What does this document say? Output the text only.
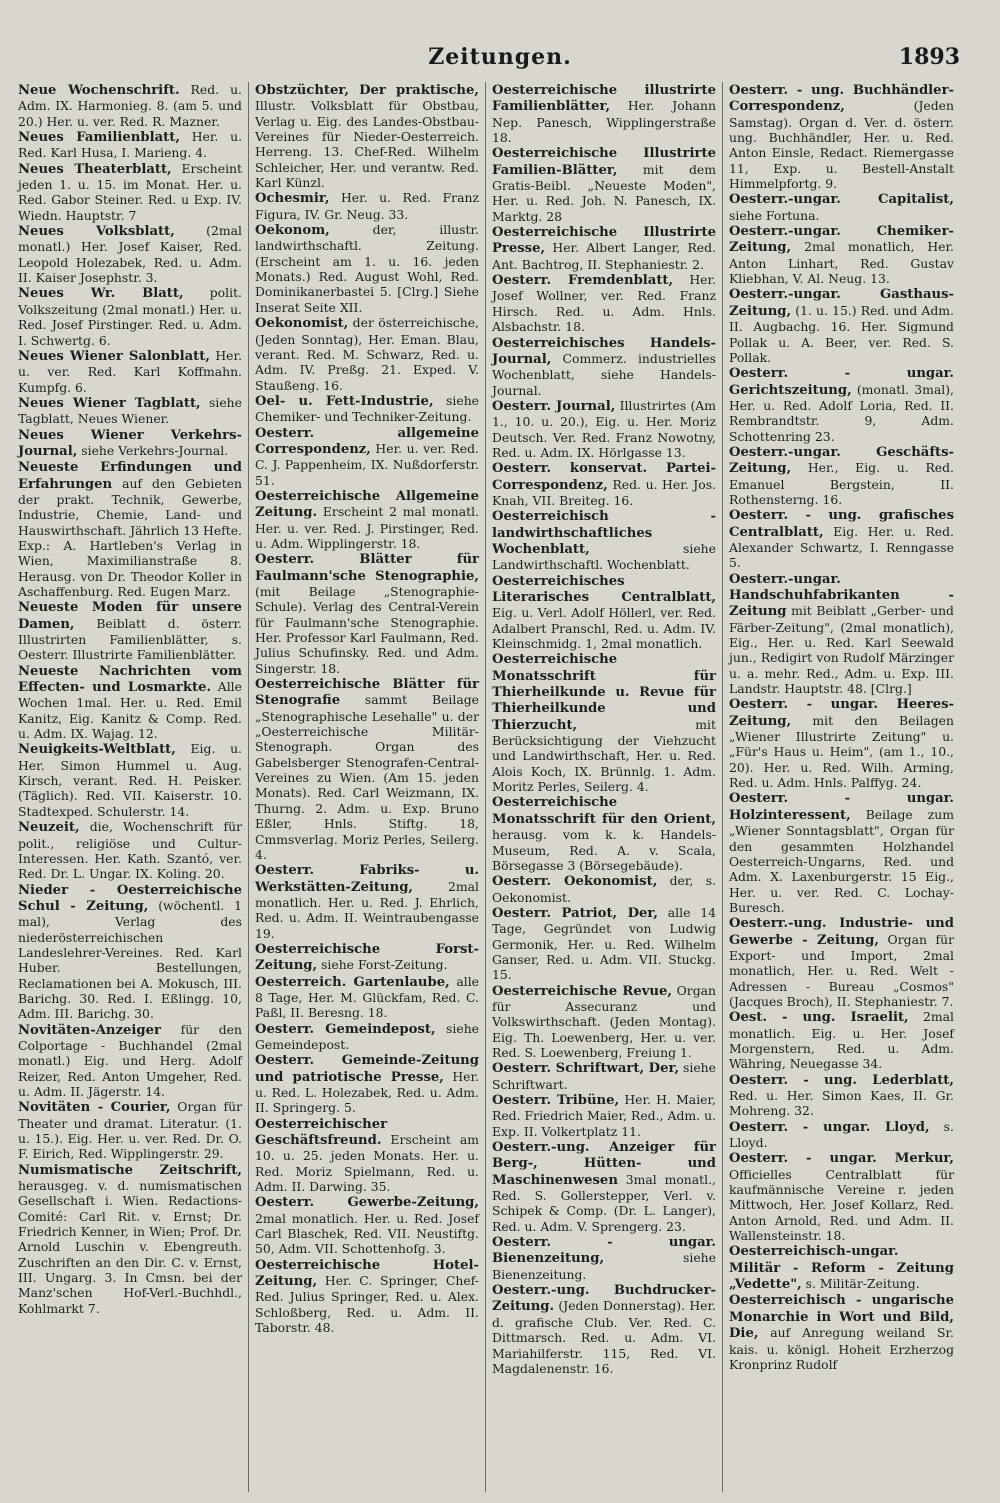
Zeitungen.	1893

Neue Wochenschrift. Red. u. Adm. IX. Harmonieg. 8. (am 5. und 20.) Her. u. ver. Red. R. Mazner.

Neues Familienblatt, Her. u. Red. Karl Husa, I. Marieng. 4.

Neues Theaterblatt, Erscheint jeden 1. u. 15. im Monat. Her. u. Red. Gabor Steiner. Red. u Exp. IV. Wiedn. Hauptstr. 7

Neues Volksblatt, (2mal monatl.) Her. Josef Kaiser, Red. Leopold Holezabek, Red. u. Adm. II. Kaiser Josephstr. 3.

Neues Wr. Blatt, polit. Volkszeitung (2mal monatl.) Her. u. Red. Josef Pirstinger. Red. u. Adm. I. Schwertg. 6.

Neues Wiener Salonblatt, Her. u. ver. Red. Karl Koffmahn. Kumpfg. 6.

Neues Wiener Tagblatt, siehe Tagblatt, Neues Wiener.

Neues Wiener Verkehrs-Journal, siehe Verkehrs-Journal.

Neueste Erfindungen und Erfahrungen auf den Gebieten der prakt. Technik, Gewerbe, Industrie, Chemie, Land- und Hauswirthschaft. Jährlich 13 Hefte. Exp.: A. Hartleben's Verlag in Wien, Maximilianstraße 8. Herausg. von Dr. Theodor Koller in Aschaffenburg. Red. Eugen Marz.

Neueste Moden für unsere Damen, Beiblatt d. österr. Illustrirten Familienblätter, s. Oesterr. Illustrirte Familienblätter.

Neueste Nachrichten vom Effecten- und Losmarkte. Alle Wochen 1mal. Her. u. Red. Emil Kanitz, Eig. Kanitz & Comp. Red. u. Adm. IX. Wajag. 12.

Neuigkeits-Weltblatt, Eig. u. Her. Simon Hummel u. Aug. Kirsch, verant. Red. H. Peisker. (Täglich). Red. VII. Kaiserstr. 10. Stadtexped. Schulerstr. 14.

Neuzeit, die, Wochenschrift für polit., religiöse und Cultur-Interessen. Her. Kath. Szantó, ver. Red. Dr. L. Ungar. IX. Koling. 20.

Nieder - Oesterreichische Schul - Zeitung, (wöchentl. 1 mal), Verlag des niederösterreichischen Landeslehrer-Vereines. Red. Karl Huber. Bestellungen, Reclamationen bei A. Mokusch, III. Barichg. 30. Red. I. Eßlingg. 10, Adm. III. Barichg. 30.

Novitäten-Anzeiger für den Colportage - Buchhandel (2mal monatl.) Eig. und Herg. Adolf Reizer, Red. Anton Umgeher, Red. u. Adm. II. Jägerstr. 14.

Novitäten - Courier, Organ für Theater und dramat. Literatur. (1. u. 15.). Eig. Her. u. ver. Red. Dr. O. F. Eirich, Red. Wipplingerstr. 29.

Numismatische Zeitschrift, herausgeg. v. d. numismatischen Gesellschaft i. Wien. Redactions-Comité: Carl Rit. v. Ernst; Dr. Friedrich Kenner, in Wien; Prof. Dr. Arnold Luschin v. Ebengreuth. Zuschriften an den Dir. C. v. Ernst, III. Ungarg. 3. In Cmsn. bei der Manz'schen Hof-Verl.-Buchhdl., Kohlmarkt 7.

Obstzüchter, Der praktische, Illustr. Volksblatt für Obstbau, Verlag u. Eig. des Landes-Obstbau-Vereines für Nieder-Oesterreich. Herreng. 13. Chef-Red. Wilhelm Schleicher, Her. und verantw. Red. Karl Künzl.

Ochesmir, Her. u. Red. Franz Figura, IV. Gr. Neug. 33.

Oekonom, der, illustr. landwirthschaftl. Zeitung. (Erscheint am 1. u. 16. jeden Monats.) Red. August Wohl, Red. Dominikanerbastei 5. [Clrg.] Siehe Inserat Seite XII.

Oekonomist, der österreichische, (Jeden Sonntag), Her. Eman. Blau, verant. Red. M. Schwarz, Red. u. Adm. IV. Preßg. 21. Exped. V. Staußeng. 16.

Oel- u. Fett-Industrie, siehe Chemiker- und Techniker-Zeitung.

Oesterr. allgemeine Correspondenz, Her. u. ver. Red. C. J. Pappenheim, IX. Nußdorferstr. 51.

Oesterreichische Allgemeine Zeitung. Erscheint 2 mal monatl. Her. u. ver. Red. J. Pirstinger, Red. u. Adm. Wipplingerstr. 18.

Oesterr. Blätter für Faulmann'sche Stenographie, (mit Beilage „Stenographie-Schule). Verlag des Central-Verein für Faulmann'sche Stenographie. Her. Professor Karl Faulmann, Red. Julius Schufinsky. Red. und Adm. Singerstr. 18.

Oesterreichische Blätter für Stenografie sammt Beilage „Stenographische Lesehalle" u. der „Oesterreichische Militär-Stenograph. Organ des Gabelsberger Stenografen-Central-Vereines zu Wien. (Am 15. jeden Monats). Red. Carl Weizmann, IX. Thurng. 2. Adm. u. Exp. Bruno Eßler, Hnls. Stiftg. 18, Cmmsverlag. Moriz Perles, Seilerg. 4.

Oesterr. Fabriks- u. Werkstätten-Zeitung, 2mal monatlich. Her. u. Red. J. Ehrlich, Red. u. Adm. II. Weintraubengasse 19.

Oesterreichische Forst-Zeitung, siehe Forst-Zeitung.

Oesterreich. Gartenlaube, alle 8 Tage, Her. M. Glückfam, Red. C. Paßl, II. Beresng. 18.

Oesterr. Gemeindepost, siehe Gemeindepost.

Oesterr. Gemeinde-Zeitung und patriotische Presse, Her. u. Red. L. Holezabek, Red. u. Adm. II. Springerg. 5.

Oesterreichischer Geschäftsfreund. Erscheint am 10. u. 25. jeden Monats. Her. u. Red. Moriz Spielmann, Red. u. Adm. II. Darwing. 35.

Oesterr. Gewerbe-Zeitung, 2mal monatlich. Her. u. Red. Josef Carl Blaschek, Red. VII. Neustiftg. 50, Adm. VII. Schottenhofg. 3.

Oesterreichische Hotel-Zeitung, Her. C. Springer, Chef-Red. Julius Springer, Red. u. Alex. Schloßberg, Red. u. Adm. II. Taborstr. 48.

Oesterreichische illustrirte Familienblätter, Her. Johann Nep. Panesch, Wipplingerstraße 18.

Oesterreichische Illustrirte Familien-Blätter, mit dem Gratis-Beibl. „Neueste Moden", Her. u. Red. Joh. N. Panesch, IX. Marktg. 28

Oesterreichische Illustrirte Presse, Her. Albert Langer, Red. Ant. Bachtrog, II. Stephaniestr. 2.

Oesterr. Fremdenblatt, Her. Josef Wollner, ver. Red. Franz Hirsch. Red. u. Adm. Hnls. Alsbachstr. 18.

Oesterreichisches Handels-Journal, Commerz. industrielles Wochenblatt, siehe Handels-Journal.

Oesterr. Journal, Illustrirtes (Am 1., 10. u. 20.), Eig. u. Her. Moriz Deutsch. Ver. Red. Franz Nowotny, Red. u. Adm. IX. Hörlgasse 13.

Oesterr. konservat. Partei-Correspondenz, Red. u. Her. Jos. Knah, VII. Breiteg. 16.

Oesterreichisch - landwirthschaftliches Wochenblatt, siehe Landwirthschaftl. Wochenblatt.

Oesterreichisches Literarisches Centralblatt, Eig. u. Verl. Adolf Höllerl, ver. Red. Adalbert Pranschl, Red. u. Adm. IV. Kleinschmidg. 1, 2mal monatlich.

Oesterreichische Monatsschrift für Thierheilkunde u. Revue für Thierheilkunde und Thierzucht, mit Berücksichtigung der Viehzucht und Landwirthschaft, Her. u. Red. Alois Koch, IX. Brünnlg. 1. Adm. Moritz Perles, Seilerg. 4.

Oesterreichische Monatsschrift für den Orient, herausg. vom k. k. Handels-Museum, Red. A. v. Scala, Börsegasse 3 (Börsegebäude).

Oesterr. Oekonomist, der, s. Oekonomist.

Oesterr. Patriot, Der, alle 14 Tage, Gegründet von Ludwig Germonik, Her. u. Red. Wilhelm Ganser, Red. u. Adm. VII. Stuckg. 15.

Oesterreichische Revue, Organ für Assecuranz und Volkswirthschaft. (Jeden Montag). Eig. Th. Loewenberg, Her. u. ver. Red. S. Loewenberg, Freiung 1.

Oesterr. Schriftwart, Der, siehe Schriftwart.

Oesterr. Tribüne, Her. H. Maier, Red. Friedrich Maier, Red., Adm. u. Exp. II. Volkertplatz 11.

Oesterr.-ung. Anzeiger für Berg-, Hütten- und Maschinenwesen 3mal monatl., Red. S. Gollerstepper, Verl. v. Schipek & Comp. (Dr. L. Langer), Red. u. Adm. V. Sprengerg. 23.

Oesterr. - ungar. Bienenzeitung, siehe Bienenzeitung.

Oesterr.-ung. Buchdrucker-Zeitung. (Jeden Donnerstag). Her. d. grafische Club. Ver. Red. C. Dittmarsch. Red. u. Adm. VI. Mariahilferstr. 115, Red. VI. Magdalenenstr. 16.

Oesterr. - ung. Buchhändler-Correspondenz, (Jeden Samstag). Organ d. Ver. d. österr. ung. Buchhändler, Her. u. Red. Anton Einsle, Redact. Riemergasse 11, Exp. u. Bestell-Anstalt Himmelpfortg. 9.

Oesterr.-ungar. Capitalist, siehe Fortuna.

Oesterr.-ungar. Chemiker-Zeitung, 2mal monatlich, Her. Anton Linhart, Red. Gustav Kliebhan, V. Al. Neug. 13.

Oesterr.-ungar. Gasthaus-Zeitung, (1. u. 15.) Red. und Adm. II. Augbachg. 16. Her. Sigmund Pollak u. A. Beer, ver. Red. S. Pollak.

Oesterr. - ungar. Gerichtszeitung, (monatl. 3mal), Her. u. Red. Adolf Loria, Red. II. Rembrandtstr. 9, Adm. Schottenring 23.

Oesterr.-ungar. Geschäfts-Zeitung, Her., Eig. u. Red. Emanuel Bergstein, II. Rothensterng. 16.

Oesterr. - ung. grafisches Centralblatt, Eig. Her. u. Red. Alexander Schwartz, I. Renngasse 5.

Oesterr.-ungar. Handschuhfabrikanten - Zeitung mit Beiblatt „Gerber- und Färber-Zeitung", (2mal monatlich), Eig., Her. u. Red. Karl Seewald jun., Redigirt von Rudolf Märzinger u. a. mehr. Red., Adm. u. Exp. III. Landstr. Hauptstr. 48. [Clrg.]

Oesterr. - ungar. Heeres-Zeitung, mit den Beilagen „Wiener Illustrirte Zeitung" u. „Für's Haus u. Heim", (am 1., 10., 20). Her. u. Red. Wilh. Arming, Red. u. Adm. Hnls. Palffyg. 24.

Oesterr. - ungar. Holzinteressent, Beilage zum „Wiener Sonntagsblatt", Organ für den gesammten Holzhandel Oesterreich-Ungarns, Red. und Adm. X. Laxenburgerstr. 15 Eig., Her. u. ver. Red. C. Lochay-Buresch.

Oesterr.-ung. Industrie- und Gewerbe - Zeitung, Organ für Export- und Import, 2mal monatlich, Her. u. Red. Welt - Adressen - Bureau „Cosmos" (Jacques Broch), II. Stephaniestr. 7.

Oest. - ung. Israelit, 2mal monatlich. Eig. u. Her. Josef Morgenstern, Red. u. Adm. Währing, Neuegasse 34.

Oesterr. - ung. Lederblatt, Red. u. Her. Simon Kaes, II. Gr. Mohreng. 32.

Oesterr. - ungar. Lloyd, s. Lloyd.

Oesterr. - ungar. Merkur, Officielles Centralblatt für kaufmännische Vereine r. jeden Mittwoch, Her. Josef Kollarz, Red. Anton Arnold, Red. und Adm. II. Wallensteinstr. 18.

Oesterreichisch-ungar. Militär - Reform - Zeitung „Vedette", s. Militär-Zeitung.

Oesterreichisch - ungarische Monarchie in Wort und Bild, Die, auf Anregung weiland Sr. kais. u. königl. Hoheit Erzherzog Kronprinz Rudolf
